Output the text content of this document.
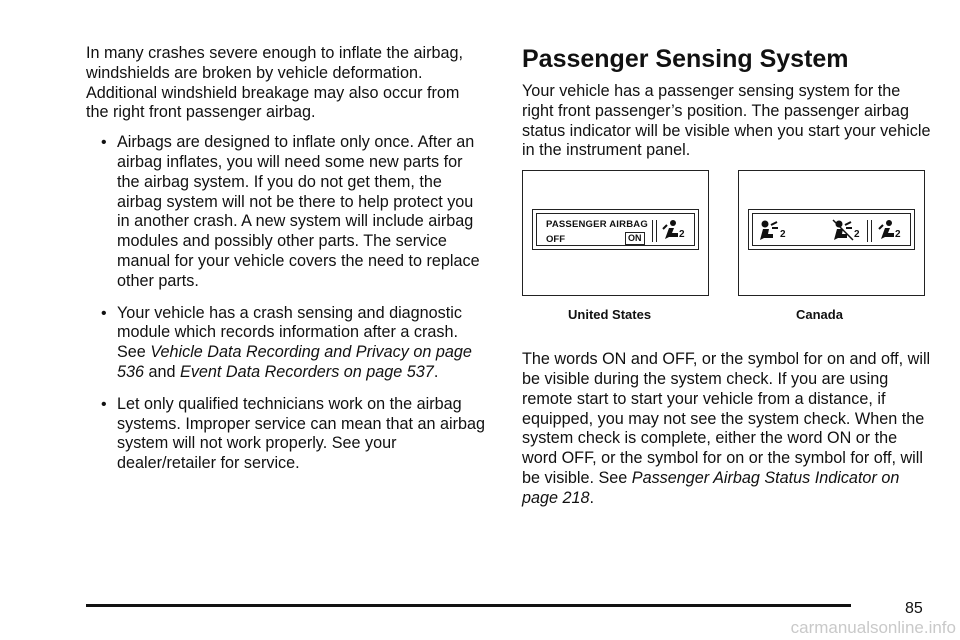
In many crashes severe enough to inflate the airbag, windshields are broken by vehicle deformation. Additional windshield breakage may also occur from the right front passenger airbag.

• Airbags are designed to inflate only once. After an airbag inflates, you will need some new parts for the airbag system. If you do not get them, the airbag system will not be there to help protect you in another crash. A new system will include airbag modules and possibly other parts. The service manual for your vehicle covers the need to replace other parts.
• Your vehicle has a crash sensing and diagnostic module which records information after a crash. See Vehicle Data Recording and Privacy on page 536 and Event Data Recorders on page 537.
• Let only qualified technicians work on the airbag systems. Improper service can mean that an airbag system will not work properly. See your dealer/retailer for service.
Passenger Sensing System

Your vehicle has a passenger sensing system for the right front passenger’s position. The passenger airbag status indicator will be visible when you start your vehicle in the instrument panel.

PASSENGER AIRBAG
OFF	ON	2
United States
2	2	2
Canada

The words ON and OFF, or the symbol for on and off, will be visible during the system check. If you are using remote start to start your vehicle from a distance, if equipped, you may not see the system check. When the system check is complete, either the word ON or the word OFF, or the symbol for on or the symbol for off, will be visible. See Passenger Airbag Status Indicator on page 218.

85
carmanualsonline.info
